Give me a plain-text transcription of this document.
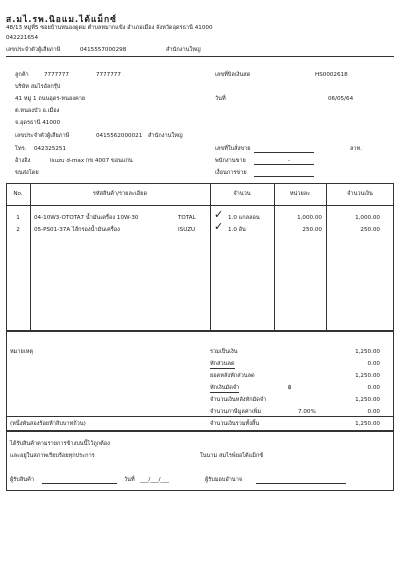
ส.มไ.รพ.นิอแม.ไต้แม็กซ์
48/13 หมู่ที่5 ซอยบ้านหนองดูดม ตำบลหมากแข้ง อำเภอเมือง จังหวัดอุดรธานี 41000
042221654
เลขประจำตัวผู้เสียภาษี	0415557000298	สำนักงานใหญ่
ลูกค้า	7777777	7777777
บริษัท สมไรอัลกรุ๊ป
41 หมู่ 1 ถนนอุดร-หนองคาย
ต.หนองบัว อ.เมือง
จ.อุดรธานี 41000
เลขประจำตัวผู้เสียภาษี	0415562000021 สำนักงานใหญ่
โทร. 042325251
อ้างอิง	Isuzu d-max กข 4007 ขอนแก่น
ขนส่งโดย
เลขที่บิลเงินสด	HS0002618
วันที่	06/05/64
เลขที่ใบสั่งขาย	ลาท.
พนักงานขาย	-
เงื่อนการขาย
No.	รหัสสินค้า/รายละเอียด	จำนวน	หน่วยละ	จำนวนเงิน
1	04-10W3-OTOTA7 น้ำมันเครื่อง 10W-30	TOTAL ✓ 1.0 แกลลอน	1,000.00	1,000.00
2	05-PS01-37A ไส้กรองน้ำมันเครื่อง	ISUZU ✓ 1.0 อัน	250.00	250.00
หมายเหตุ	รวมเป็นเงิน	1,250.00
หักส่วนลด	0.00
ยอดหลังหักส่วนลด	1,250.00
หักเงินมัดจำ	฿	0.00
จำนวนเงินหลังหักมัดจำ	1,250.00
จำนวนภาษีมูลค่าเพิ่ม	7.00%	0.00
(หนึ่งพันสองร้อยห้าสิบบาทถ้วน)	จำนวนเงินรวมทั้งสิ้น	1,250.00
ได้รับสินค้าตามรายการข้างบนนี้ไว้ถูกต้อง
และอยู่ในสภาพเรียบร้อยทุกประการ	ในนาม สมไรพ์ยอไต้แม็กซ์
ผู้รับสินค้า	วันที่ ___/___/___	ผู้รับมอบอำนาจ
